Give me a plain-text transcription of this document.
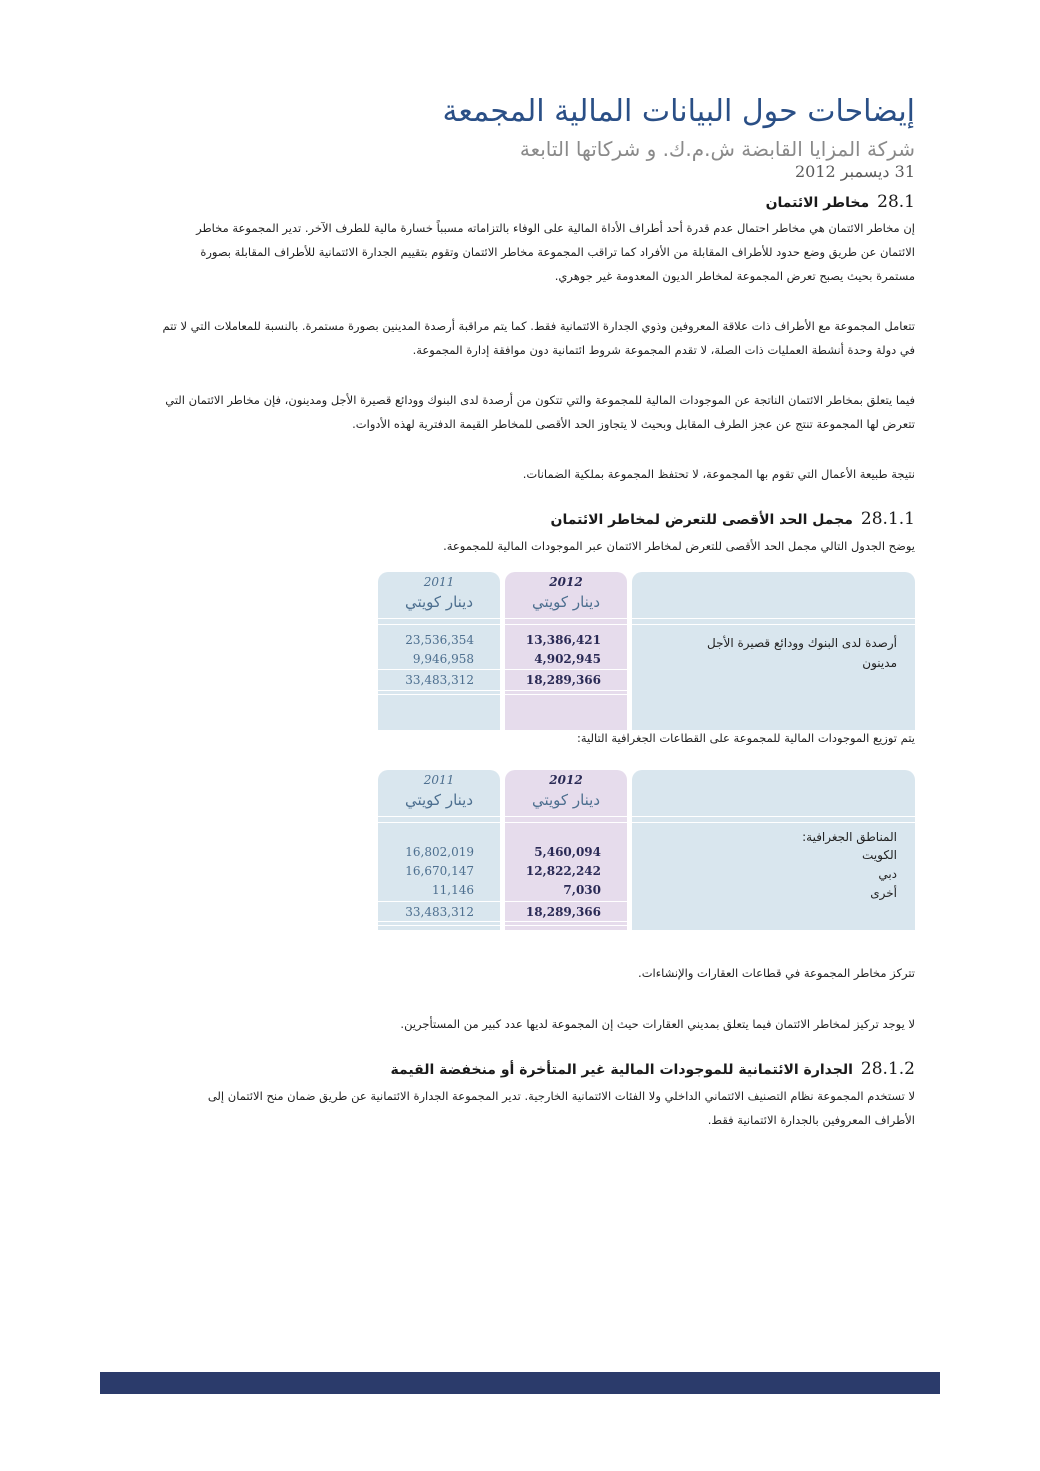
إيضاحات حول البيانات المالية المجمعة
شركة المزايا القابضة ش.م.ك. و شركاتها التابعة
31 ديسمبر 2012
28.1مخاطر الائتمان
إن مخاطر الائتمان هي مخاطر احتمال عدم قدرة أحد أطراف الأداة المالية على الوفاء بالتزاماته مسبباً خسارة مالية للطرف الآخر. تدير المجموعة مخاطر
الائتمان عن طريق وضع حدود للأطراف المقابلة من الأفراد كما تراقب المجموعة مخاطر الائتمان وتقوم بتقييم الجدارة الائتمانية للأطراف المقابلة بصورة
مستمرة بحيث يصبح تعرض المجموعة لمخاطر الديون المعدومة غير جوهري.
تتعامل المجموعة مع الأطراف ذات علاقة المعروفين وذوي الجدارة الائتمانية فقط. كما يتم مراقبة أرصدة المدينين بصورة مستمرة. بالنسبة للمعاملات التي لا تتم
في دولة وحدة أنشطة العمليات ذات الصلة، لا تقدم المجموعة شروط ائتمانية دون موافقة إدارة المجموعة.
فيما يتعلق بمخاطر الائتمان الناتجة عن الموجودات المالية للمجموعة والتي تتكون من أرصدة لدى البنوك وودائع قصيرة الأجل ومدينون، فإن مخاطر الائتمان التي
تتعرض لها المجموعة تنتج عن عجز الطرف المقابل وبحيث لا يتجاوز الحد الأقصى للمخاطر القيمة الدفترية لهذه الأدوات.
نتيجة طبيعة الأعمال التي تقوم بها المجموعة، لا تحتفظ المجموعة بملكية الضمانات.
28.1.1مجمل الحد الأقصى للتعرض لمخاطر الائتمان
يوضح الجدول التالي مجمل الحد الأقصى للتعرض لمخاطر الائتمان عبر الموجودات المالية للمجموعة.
2011	2012
دينار كويتي	دينار كويتي
23,536,354	13,386,421	أرصدة لدى البنوك وودائع قصيرة الأجل
9,946,958	4,902,945	مدينون
33,483,312	18,289,366
يتم توزيع الموجودات المالية للمجموعة على القطاعات الجغرافية التالية:
2011	2012
دينار كويتي	دينار كويتي
المناطق الجغرافية:
16,802,019	5,460,094	الكويت
16,670,147	12,822,242	دبي
11,146	7,030	أخرى
33,483,312	18,289,366
تتركز مخاطر المجموعة في قطاعات العقارات والإنشاءات.
لا يوجد تركيز لمخاطر الائتمان فيما يتعلق بمديني العقارات حيث إن المجموعة لديها عدد كبير من المستأجرين.
28.1.2الجدارة الائتمانية للموجودات المالية غير المتأخرة أو منخفضة القيمة
لا تستخدم المجموعة نظام التصنيف الائتماني الداخلي ولا الفئات الائتمانية الخارجية. تدير المجموعة الجدارة الائتمانية عن طريق ضمان منح الائتمان إلى
الأطراف المعروفين بالجدارة الائتمانية فقط.
